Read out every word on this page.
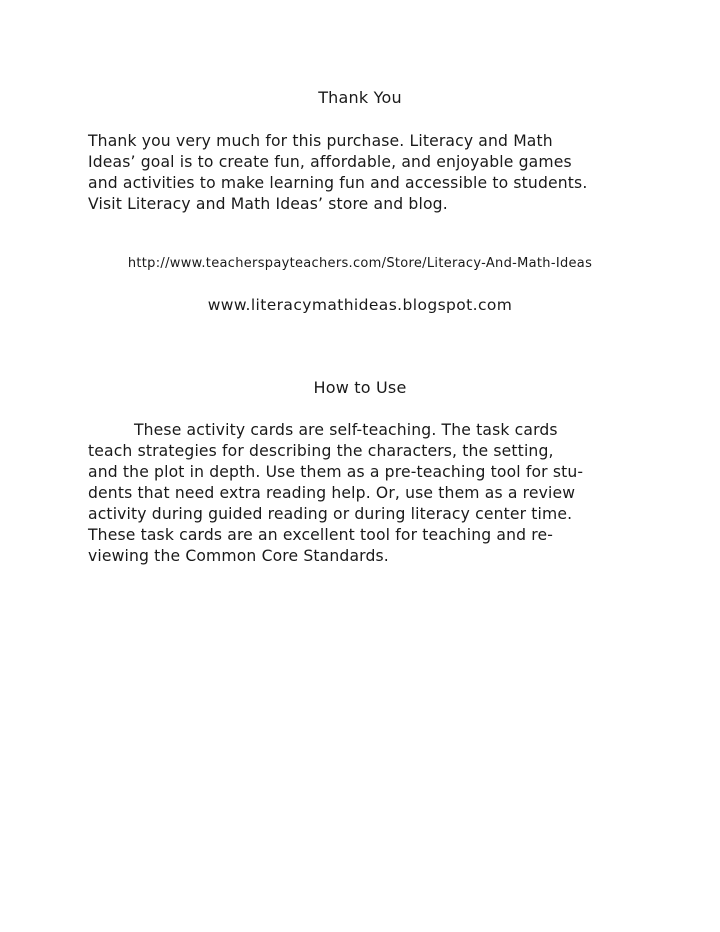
Thank You
Thank you very much for this purchase. Literacy and Math
Ideas’ goal is to create fun, affordable, and enjoyable games
and activities to make learning fun and accessible to students.
Visit Literacy and Math Ideas’ store and blog.
http://www.teacherspayteachers.com/Store/Literacy-And-Math-Ideas
www.literacymathideas.blogspot.com
How to Use
These activity cards are self-teaching. The task cards
teach strategies for describing the characters, the setting,
and the plot in depth. Use them as a pre-teaching tool for stu-
dents that need extra reading help. Or, use them as a review
activity during guided reading or during literacy center time.
These task cards are an excellent tool for teaching and re-
viewing the Common Core Standards.
